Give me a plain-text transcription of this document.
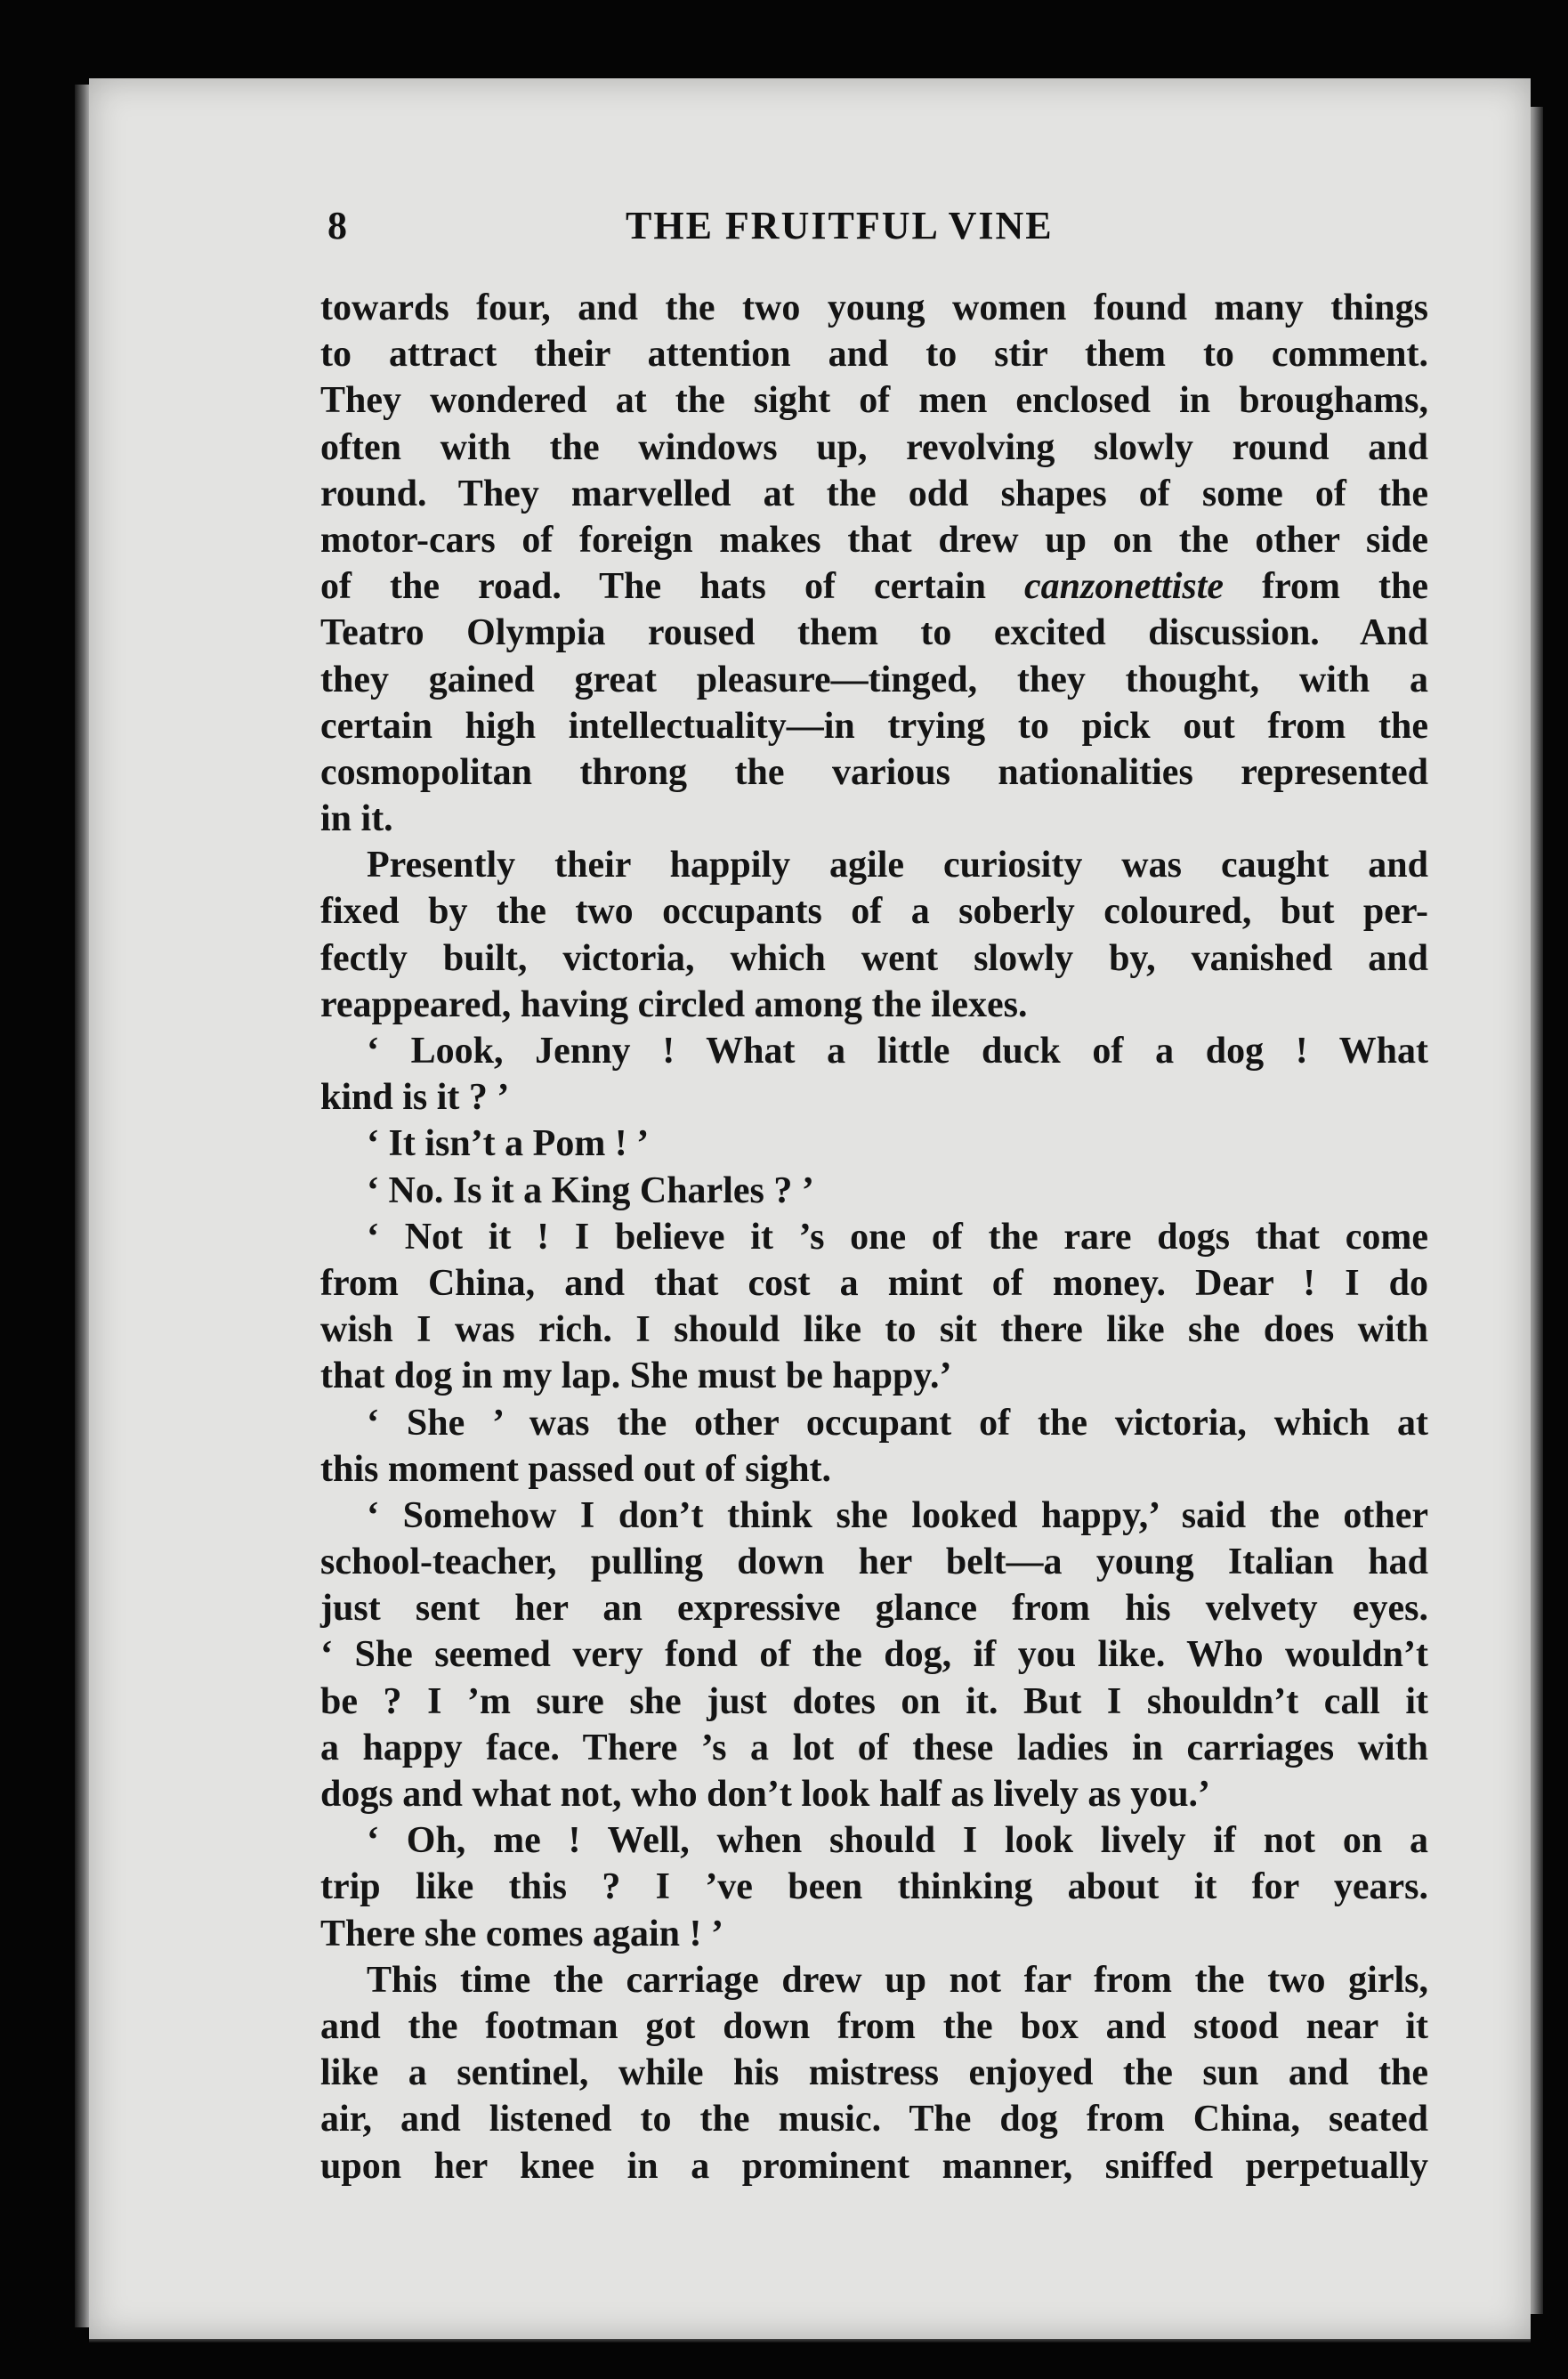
8	THE FRUITFUL VINE
towards four, and the two young women found many things
to attract their attention and to stir them to comment.
They wondered at the sight of men enclosed in broughams,
often with the windows up, revolving slowly round and
round. They marvelled at the odd shapes of some of the
motor-cars of foreign makes that drew up on the other side
of the road. The hats of certain canzonettiste from the
Teatro Olympia roused them to excited discussion. And
they gained great pleasure—tinged, they thought, with a
certain high intellectuality—in trying to pick out from the
cosmopolitan throng the various nationalities represented
in it.
Presently their happily agile curiosity was caught and
fixed by the two occupants of a soberly coloured, but per-
fectly built, victoria, which went slowly by, vanished and
reappeared, having circled among the ilexes.
‘ Look, Jenny ! What a little duck of a dog ! What
kind is it ? ’
‘ It isn’t a Pom ! ’
‘ No. Is it a King Charles ? ’
‘ Not it ! I believe it ’s one of the rare dogs that come
from China, and that cost a mint of money. Dear ! I do
wish I was rich. I should like to sit there like she does with
that dog in my lap. She must be happy.’
‘ She ’ was the other occupant of the victoria, which at
this moment passed out of sight.
‘ Somehow I don’t think she looked happy,’ said the other
school-teacher, pulling down her belt—a young Italian had
just sent her an expressive glance from his velvety eyes.
‘ She seemed very fond of the dog, if you like. Who wouldn’t
be ? I ’m sure she just dotes on it. But I shouldn’t call it
a happy face. There ’s a lot of these ladies in carriages with
dogs and what not, who don’t look half as lively as you.’
‘ Oh, me ! Well, when should I look lively if not on a
trip like this ? I ’ve been thinking about it for years.
There she comes again ! ’
This time the carriage drew up not far from the two girls,
and the footman got down from the box and stood near it
like a sentinel, while his mistress enjoyed the sun and the
air, and listened to the music. The dog from China, seated
upon her knee in a prominent manner, sniffed perpetually
